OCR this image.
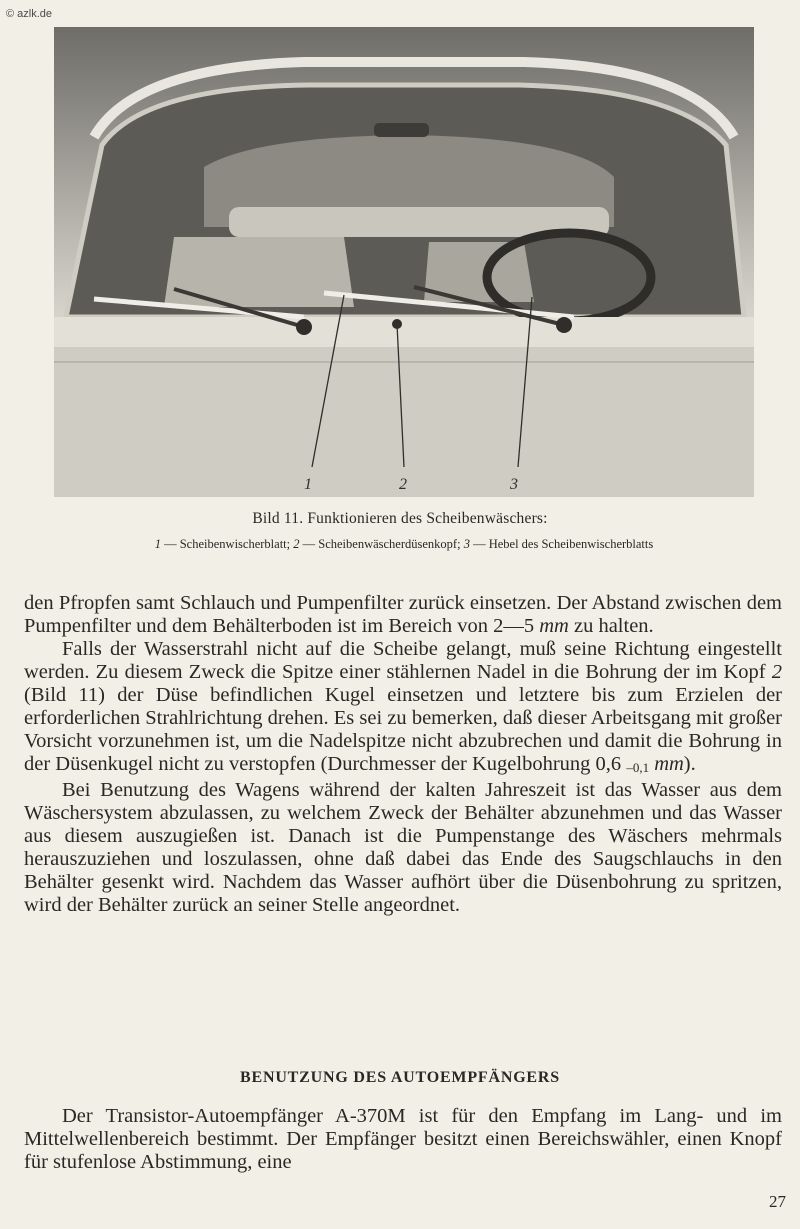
© azlk.de
1	2	3
Bild 11. Funktionieren des Scheibenwäschers:
1 — Scheibenwischerblatt; 2 — Scheibenwäscherdüsenkopf; 3 — Hebel des Scheibenwischerblatts

den Pfropfen samt Schlauch und Pumpenfilter zurück einsetzen. Der Abstand zwischen dem Pumpenfilter und dem Behälterboden ist im Bereich von 2—5 mm zu halten.

Falls der Wasserstrahl nicht auf die Scheibe gelangt, muß seine Richtung eingestellt werden. Zu diesem Zweck die Spitze einer stählernen Nadel in die Bohrung der im Kopf 2 (Bild 11) der Düse befindlichen Kugel einsetzen und letztere bis zum Erzielen der erforderlichen Strahlrichtung drehen. Es sei zu bemerken, daß dieser Arbeitsgang mit großer Vorsicht vorzunehmen ist, um die Nadelspitze nicht abzubrechen und damit die Bohrung in der Düsenkugel nicht zu verstopfen (Durchmesser der Kugelbohrung 0,6 $_{-0,1}$ mm).

Bei Benutzung des Wagens während der kalten Jahreszeit ist das Wasser aus dem Wäschersystem abzulassen, zu welchem Zweck der Behälter abzunehmen und das Wasser aus diesem auszugießen ist. Danach ist die Pumpenstange des Wäschers mehrmals herauszuziehen und loszulassen, ohne daß dabei das Ende des Saugschlauchs in den Behälter gesenkt wird. Nachdem das Wasser aufhört über die Düsenbohrung zu spritzen, wird der Behälter zurück an seiner Stelle angeordnet.

BENUTZUNG DES AUTOEMPFÄNGERS

Der Transistor-Autoempfänger A-370M ist für den Empfang im Lang- und im Mittelwellenbereich bestimmt. Der Empfänger besitzt einen Bereichswähler, einen Knopf für stufenlose Abstimmung, eine

27
